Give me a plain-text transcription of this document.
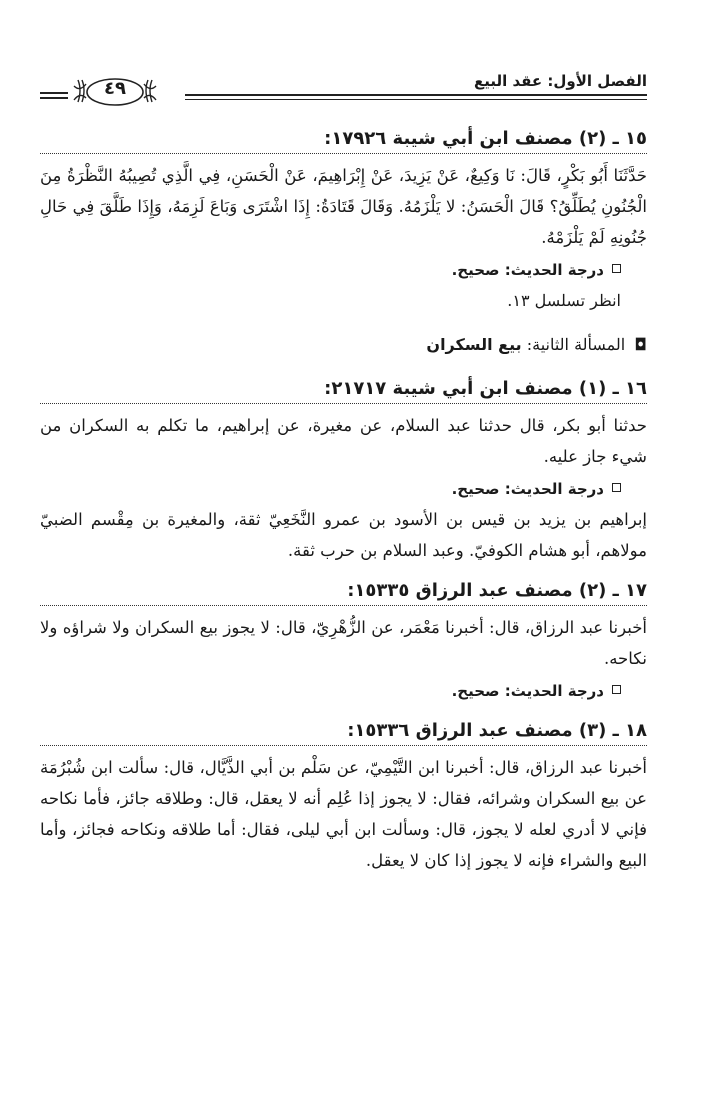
الفصل الأول: عقد البيع
٤٩
١٥ ـ (٢) مصنف ابن أبي شيبة ١٧٩٢٦:

حَدَّثَنَا أَبُو بَكْرٍ، قَالَ: نَا وَكِيعٌ، عَنْ يَزِيدَ، عَنْ إِبْرَاهِيمَ، عَنْ الْحَسَنِ، فِي الَّذِي تُصِيبُهُ النَّظْرَةُ مِنَ الْجُنُونِ يُطَلِّقُ؟ قَالَ الْحَسَنُ: لا يَلْزَمُهُ. وَقَالَ قَتَادَةُ: إِذَا اشْتَرَى وَبَاعَ لَزِمَهُ، وَإِذَا طَلَّقَ فِي حَالِ جُنُونِهِ لَمْ يَلْزَمْهُ.

درجة الحديث: صحيح.
انظر تسلسل ١٣.
◘ المسألة الثانية: بيع السكران
١٦ ـ (١) مصنف ابن أبي شيبة ٢١٧١٧:

حدثنا أبو بكر، قال حدثنا عبد السلام، عن مغيرة، عن إبراهيم، ما تكلم به السكران من شيء جاز عليه.

درجة الحديث: صحيح.

إبراهيم بن يزيد بن قيس بن الأسود بن عمرو النَّخَعِيّ ثقة، والمغيرة بن مِقْسم الضبيّ مولاهم، أبو هشام الكوفيّ. وعبد السلام بن حرب ثقة.

١٧ ـ (٢) مصنف عبد الرزاق ١٥٣٣٥:

أخبرنا عبد الرزاق، قال: أخبرنا مَعْمَر، عن الزُّهْرِيّ، قال: لا يجوز بيع السكران ولا شراؤه ولا نكاحه.

درجة الحديث: صحيح.
١٨ ـ (٣) مصنف عبد الرزاق ١٥٣٣٦:

أخبرنا عبد الرزاق، قال: أخبرنا ابن التَّيْمِيّ، عن سَلْم بن أبي الذَّيَّال، قال: سألت ابن شُبْرُمَة عن بيع السكران وشرائه، فقال: لا يجوز إذا عُلِم أنه لا يعقل، قال: وطلاقه جائز، فأما نكاحه فإني لا أدري لعله لا يجوز، قال: وسألت ابن أبي ليلى، فقال: أما طلاقه ونكاحه فجائز، وأما البيع والشراء فإنه لا يجوز إذا كان لا يعقل.
